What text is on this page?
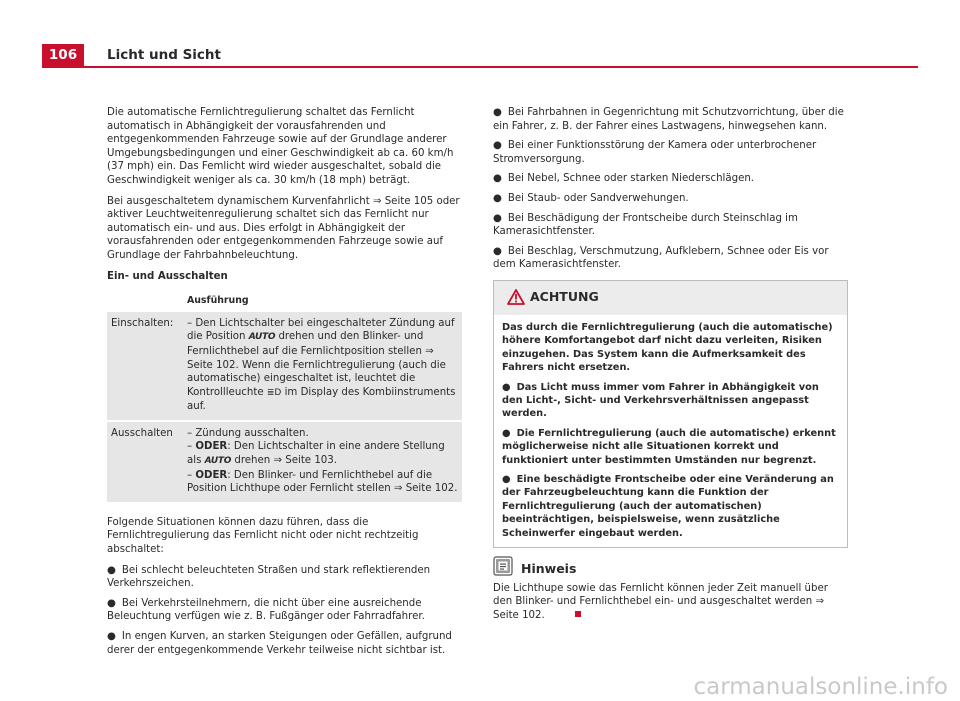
106	Licht und Sicht

Die automatische Fernlichtregulierung schaltet das Fernlicht automatisch in Abhängigkeit der vorausfahrenden und entgegenkommenden Fahrzeuge sowie auf der Grundlage anderer Umgebungsbedingungen und einer Geschwindigkeit ab ca. 60 km/h (37 mph) ein. Das Femlicht wird wieder ausgeschaltet, sobald die Geschwindigkeit weniger als ca. 30 km/h (18 mph) beträgt.

Bei ausgeschaltetem dynamischem Kurvenfahrlicht ⇒ Seite 105 oder aktiver Leuchtweitenregulierung schaltet sich das Fernlicht nur automatisch ein- und aus. Dies erfolgt in Abhängigkeit der vorausfahrenden oder entgegenkommenden Fahrzeuge sowie auf Grundlage der Fahrbahnbeleuchtung.

Ein- und Ausschalten
	Ausführung
Einschalten:	– Den Lichtschalter bei eingeschalteter Zündung auf die Position AUTO drehen und den Blinker- und Fernlichthebel auf die Fernlichtposition stellen ⇒ Seite 102. Wenn die Fernlichtregulierung (auch die automatische) eingeschaltet ist, leuchtet die Kontrollleuchte ≣D im Display des Kombiinstruments auf.
Ausschalten	– Zündung ausschalten.
– ODER: Den Lichtschalter in eine andere Stellung als AUTO drehen ⇒ Seite 103.
– ODER: Den Blinker- und Fernlichthebel auf die Position Lichthupe oder Fernlicht stellen ⇒ Seite 102.

Folgende Situationen können dazu führen, dass die Fernlichtregulierung das Fernlicht nicht oder nicht rechtzeitig abschaltet:

● Bei schlecht beleuchteten Straßen und stark reflektierenden Verkehrszeichen.
● Bei Verkehrsteilnehmern, die nicht über eine ausreichende Beleuchtung verfügen wie z. B. Fußgänger oder Fahrradfahrer.
● In engen Kurven, an starken Steigungen oder Gefällen, aufgrund derer der entgegenkommende Verkehr teilweise nicht sichtbar ist.
● Bei Fahrbahnen in Gegenrichtung mit Schutzvorrichtung, über die ein Fahrer, z. B. der Fahrer eines Lastwagens, hinwegsehen kann.
● Bei einer Funktionsstörung der Kamera oder unterbrochener Stromversorgung.
● Bei Nebel, Schnee oder starken Niederschlägen.
● Bei Staub- oder Sandverwehungen.
● Bei Beschädigung der Frontscheibe durch Steinschlag im Kamerasichtfenster.
● Bei Beschlag, Verschmutzung, Aufklebern, Schnee oder Eis vor dem Kamerasichtfenster.
ACHTUNG

Das durch die Fernlichtregulierung (auch die automatische) höhere Komfortangebot darf nicht dazu verleiten, Risiken einzugehen. Das System kann die Aufmerksamkeit des Fahrers nicht ersetzen.

● Das Licht muss immer vom Fahrer in Abhängigkeit von den Licht-, Sicht- und Verkehrsverhältnissen angepasst werden.

● Die Fernlichtregulierung (auch die automatische) erkennt möglicherweise nicht alle Situationen korrekt und funktioniert unter bestimmten Umständen nur begrenzt.

● Eine beschädigte Frontscheibe oder eine Veränderung an der Fahrzeugbeleuchtung kann die Funktion der Fernlichtregulierung (auch der automatischen) beeinträchtigen, beispielsweise, wenn zusätzliche Scheinwerfer eingebaut werden.

Hinweis
Die Lichthupe sowie das Fernlicht können jeder Zeit manuell über den Blinker- und Fernlichthebel ein- und ausgeschaltet werden ⇒ Seite 102.
carmanualsonline.info
